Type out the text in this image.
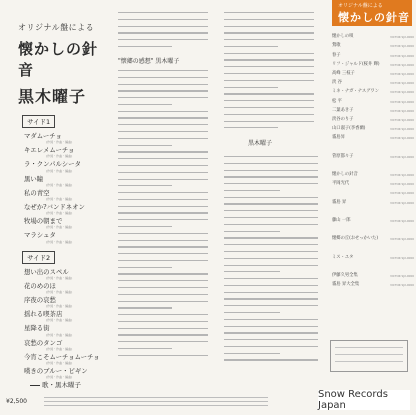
オリジナル盤による
懐かしの針音
黒木曜子
サイド1
マダムーチョ
(作詞・作曲・編曲)
キエレメムーチョ
(作詞・作曲・編曲)
ラ・クンパルシータ
(作詞・作曲・編曲)
黒い瞳
(作詞・作曲・編曲)
私の青空
(作詞・作曲・編曲)
なぜか?バンドネオン
(作詞・作曲・編曲)
牧場の朝まで
(作詞・作曲・編曲)
マラシュタ
(作詞・作曲・編曲)
サイド2
想い出のスペル
(作詞・作曲・編曲)
花のめのほ
(作詞・作曲・編曲)
序夜の哀愁
(作詞・作曲・編曲)
揺れる喫茶店
(作詞・作曲・編曲)
星降る街
(作詞・作曲・編曲)
哀愁のタンゴ
(作詞・作曲・編曲)
今宵こそムーチョムーチョ
(作詞・作曲・編曲)
嘆きのブルー・ピギン
(作詞・作曲・編曲)
歌・黒木曜子
"懐郷の感想" 黒木曜子
黒木曜子
オリジナル盤による
懐かしの針音
懐かしの唄	VICTOR SJX-0000
鶯歌	VICTOR SJX-0000
春子	VICTOR SJX-0000
リフ・ジャルド(桜井 輝)	VICTOR SJX-0000
高峰 三枝子	VICTOR SJX-0000
淡 谷	VICTOR SJX-0000
ミネ・ナガ・ナスグワン	VICTOR SJX-0000
松 平	VICTOR SJX-0000
二葉あき子	VICTOR SJX-0000
淡谷のり子	VICTOR SJX-0000
山口淑子(李香蘭)	VICTOR SJX-0000
霧島昇	VICTOR SJX-0000
菅原都々子	VICTOR SJX-0000
懐かしの針音	VICTOR SJX-0000
平岡光代	VICTOR SJX-0000
VICTOR SJX-0000
霧島 昇	VICTOR SJX-0000
藤山 一郎	VICTOR SJX-0000
懐郷の丘(おせっかいた)	VICTOR SJX-0000
ミス・ユタ	VICTOR SJX-0000
伊藤久男全集	VICTOR SJX-0000
霧島 昇大全集	VICTOR SJX-0000
¥2,500
Snow Records Japan
